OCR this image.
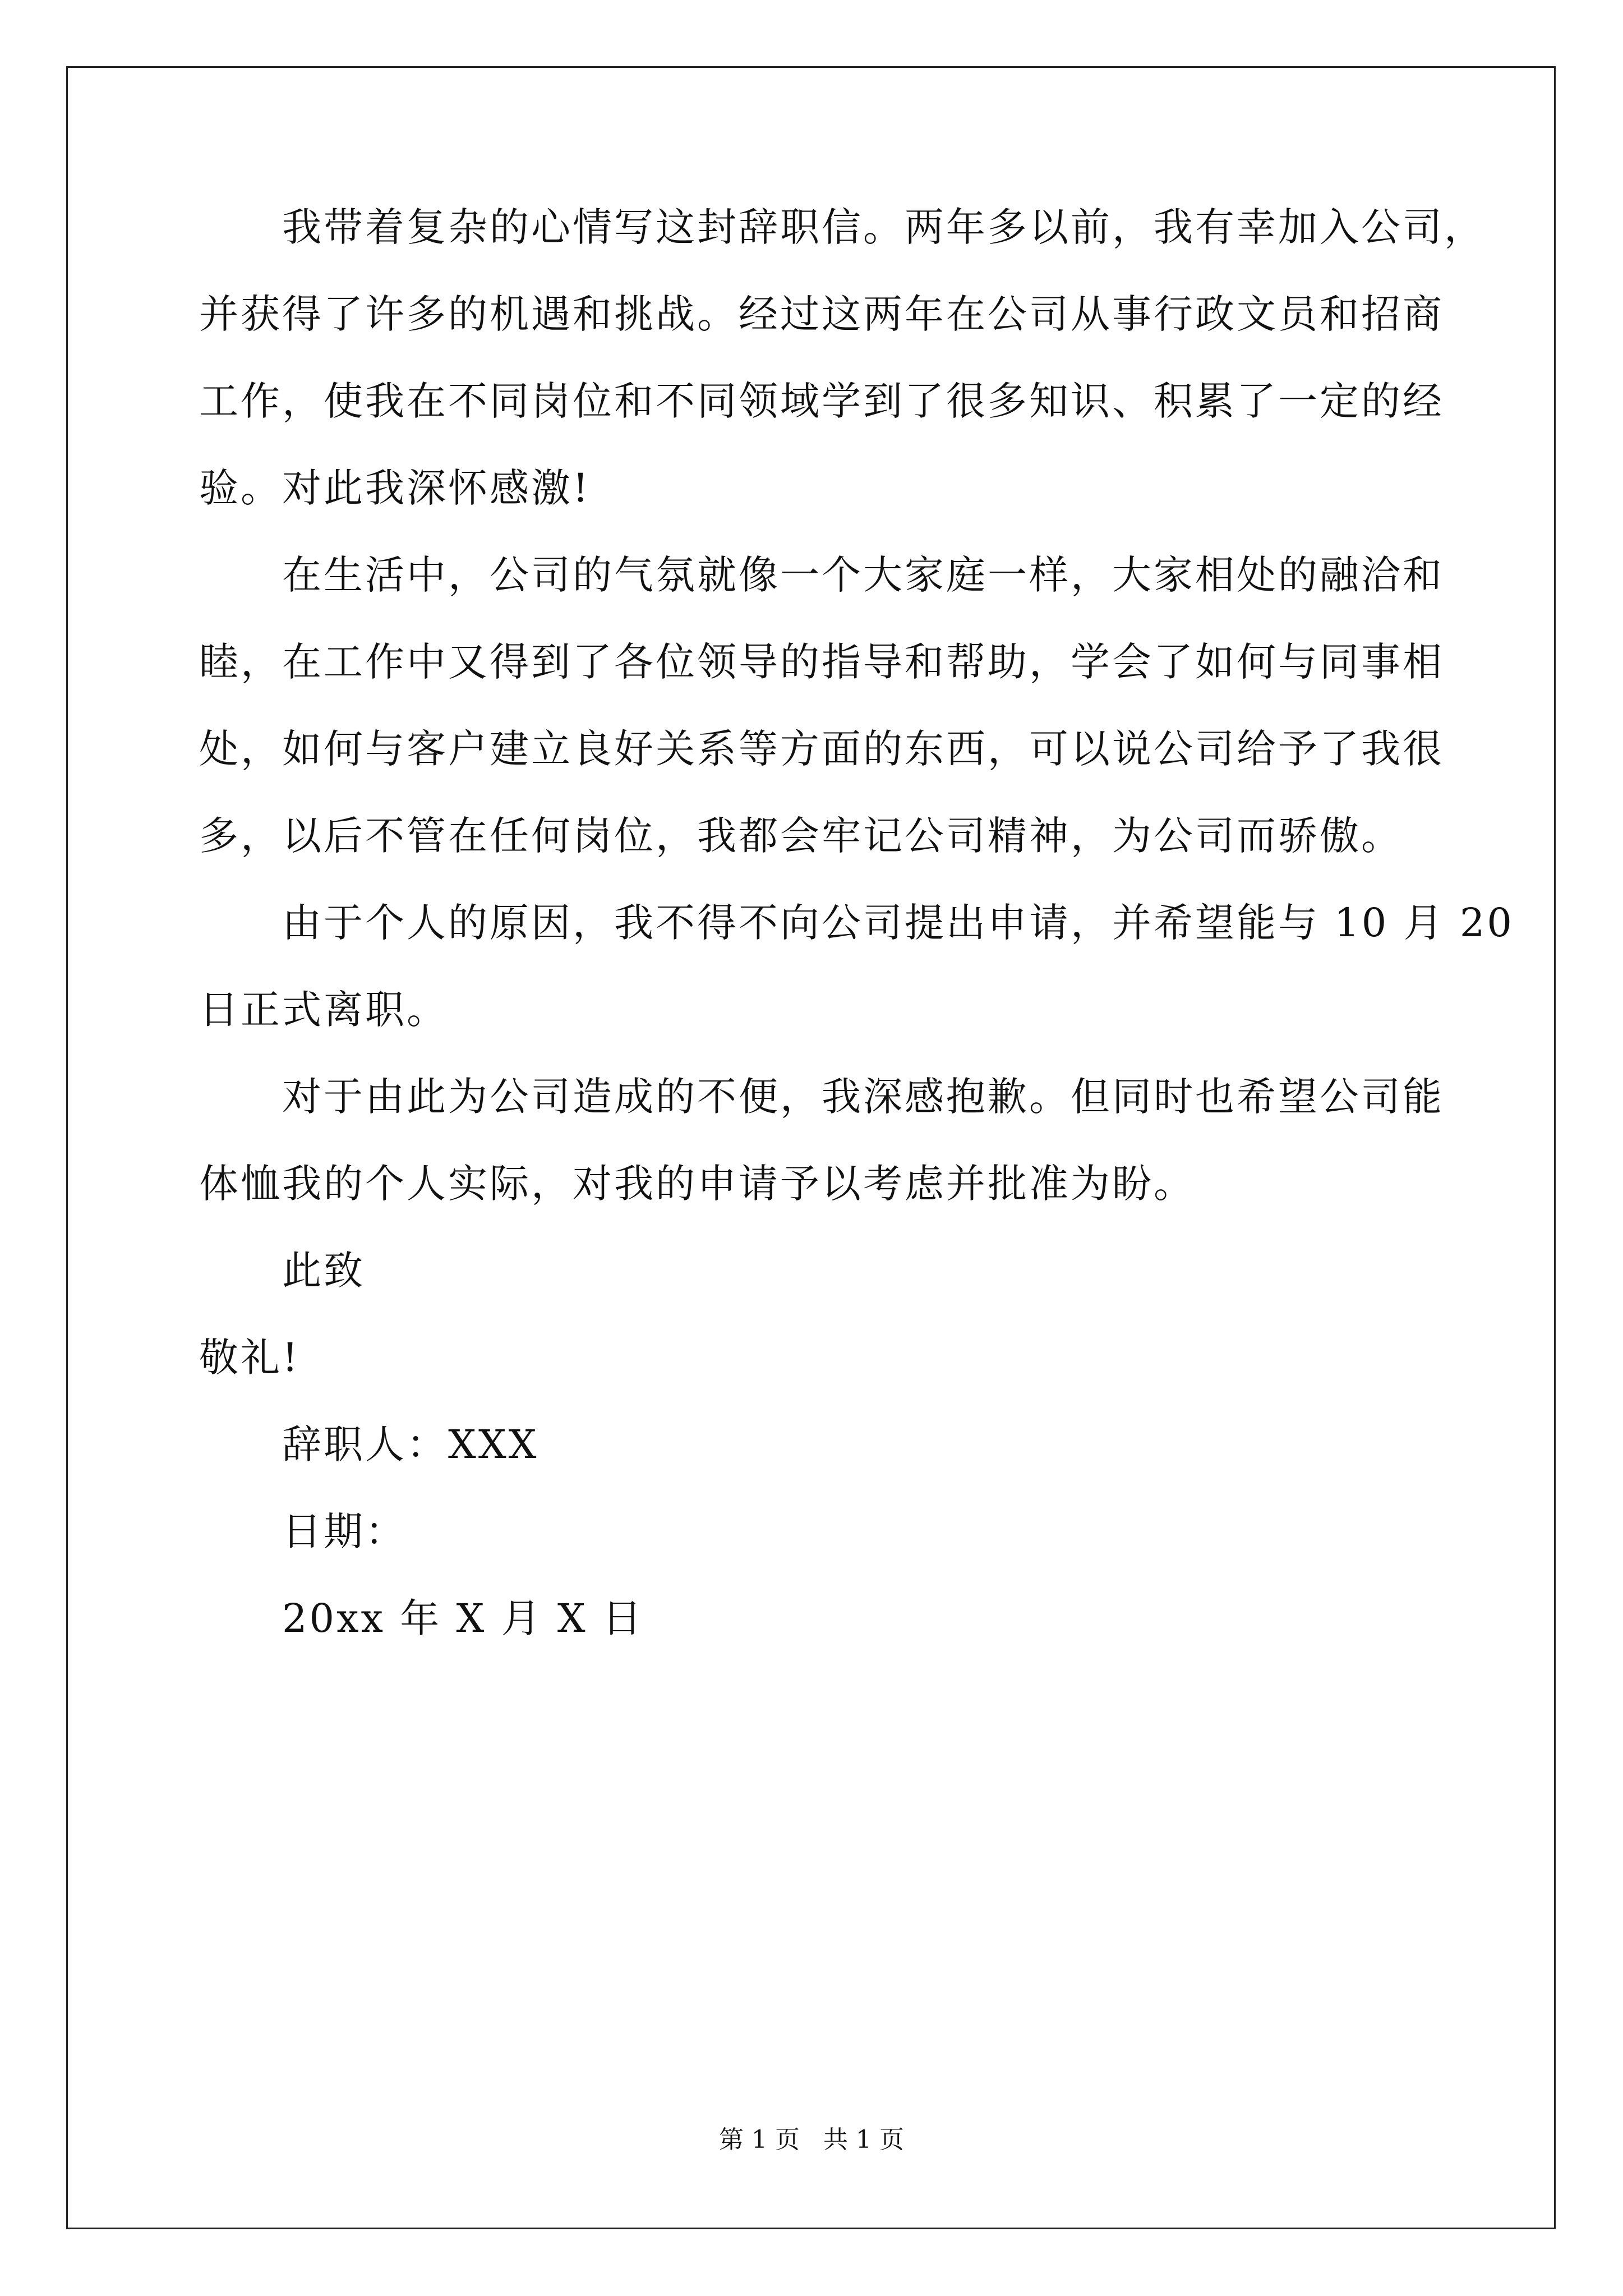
我带着复杂的心情写这封辞职信。两年多以前，我有幸加入公司，
并获得了许多的机遇和挑战。经过这两年在公司从事行政文员和招商
工作，使我在不同岗位和不同领域学到了很多知识、积累了一定的经
验。对此我深怀感激!
在生活中，公司的气氛就像一个大家庭一样，大家相处的融洽和
睦，在工作中又得到了各位领导的指导和帮助，学会了如何与同事相
处，如何与客户建立良好关系等方面的东西，可以说公司给予了我很
多，以后不管在任何岗位，我都会牢记公司精神，为公司而骄傲。
由于个人的原因，我不得不向公司提出申请，并希望能与 10 月 20
日正式离职。
对于由此为公司造成的不便，我深感抱歉。但同时也希望公司能
体恤我的个人实际，对我的申请予以考虑并批准为盼。
此致
敬礼!
辞职人：XXX
日期：
20xx 年 X 月 X 日
第 1 页   共 1 页
